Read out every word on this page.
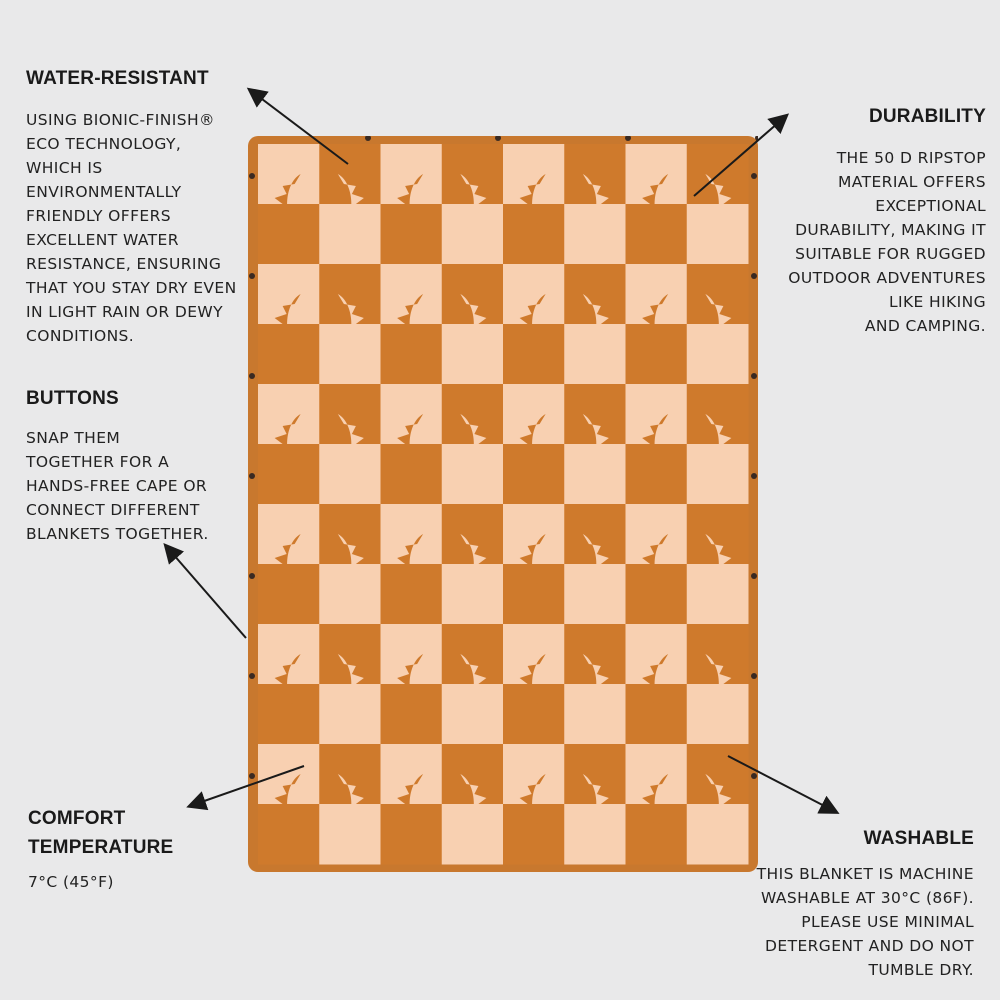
WATER-RESISTANT

USING BIONIC-FINISH®
ECO TECHNOLOGY,
WHICH IS
ENVIRONMENTALLY
FRIENDLY OFFERS
EXCELLENT WATER
RESISTANCE, ENSURING
THAT YOU STAY DRY EVEN
IN LIGHT RAIN OR DEWY
CONDITIONS.

BUTTONS

SNAP THEM
TOGETHER FOR A
HANDS-FREE CAPE OR
CONNECT DIFFERENT
BLANKETS TOGETHER.

DURABILITY

THE 50 D RIPSTOP
MATERIAL OFFERS
EXCEPTIONAL
DURABILITY, MAKING IT
SUITABLE FOR RUGGED
OUTDOOR ADVENTURES
LIKE HIKING
AND CAMPING.

COMFORT
TEMPERATURE

7°C (45°F)

WASHABLE

THIS BLANKET IS MACHINE
WASHABLE AT 30°C (86F).
PLEASE USE MINIMAL
DETERGENT AND DO NOT
TUMBLE DRY.
